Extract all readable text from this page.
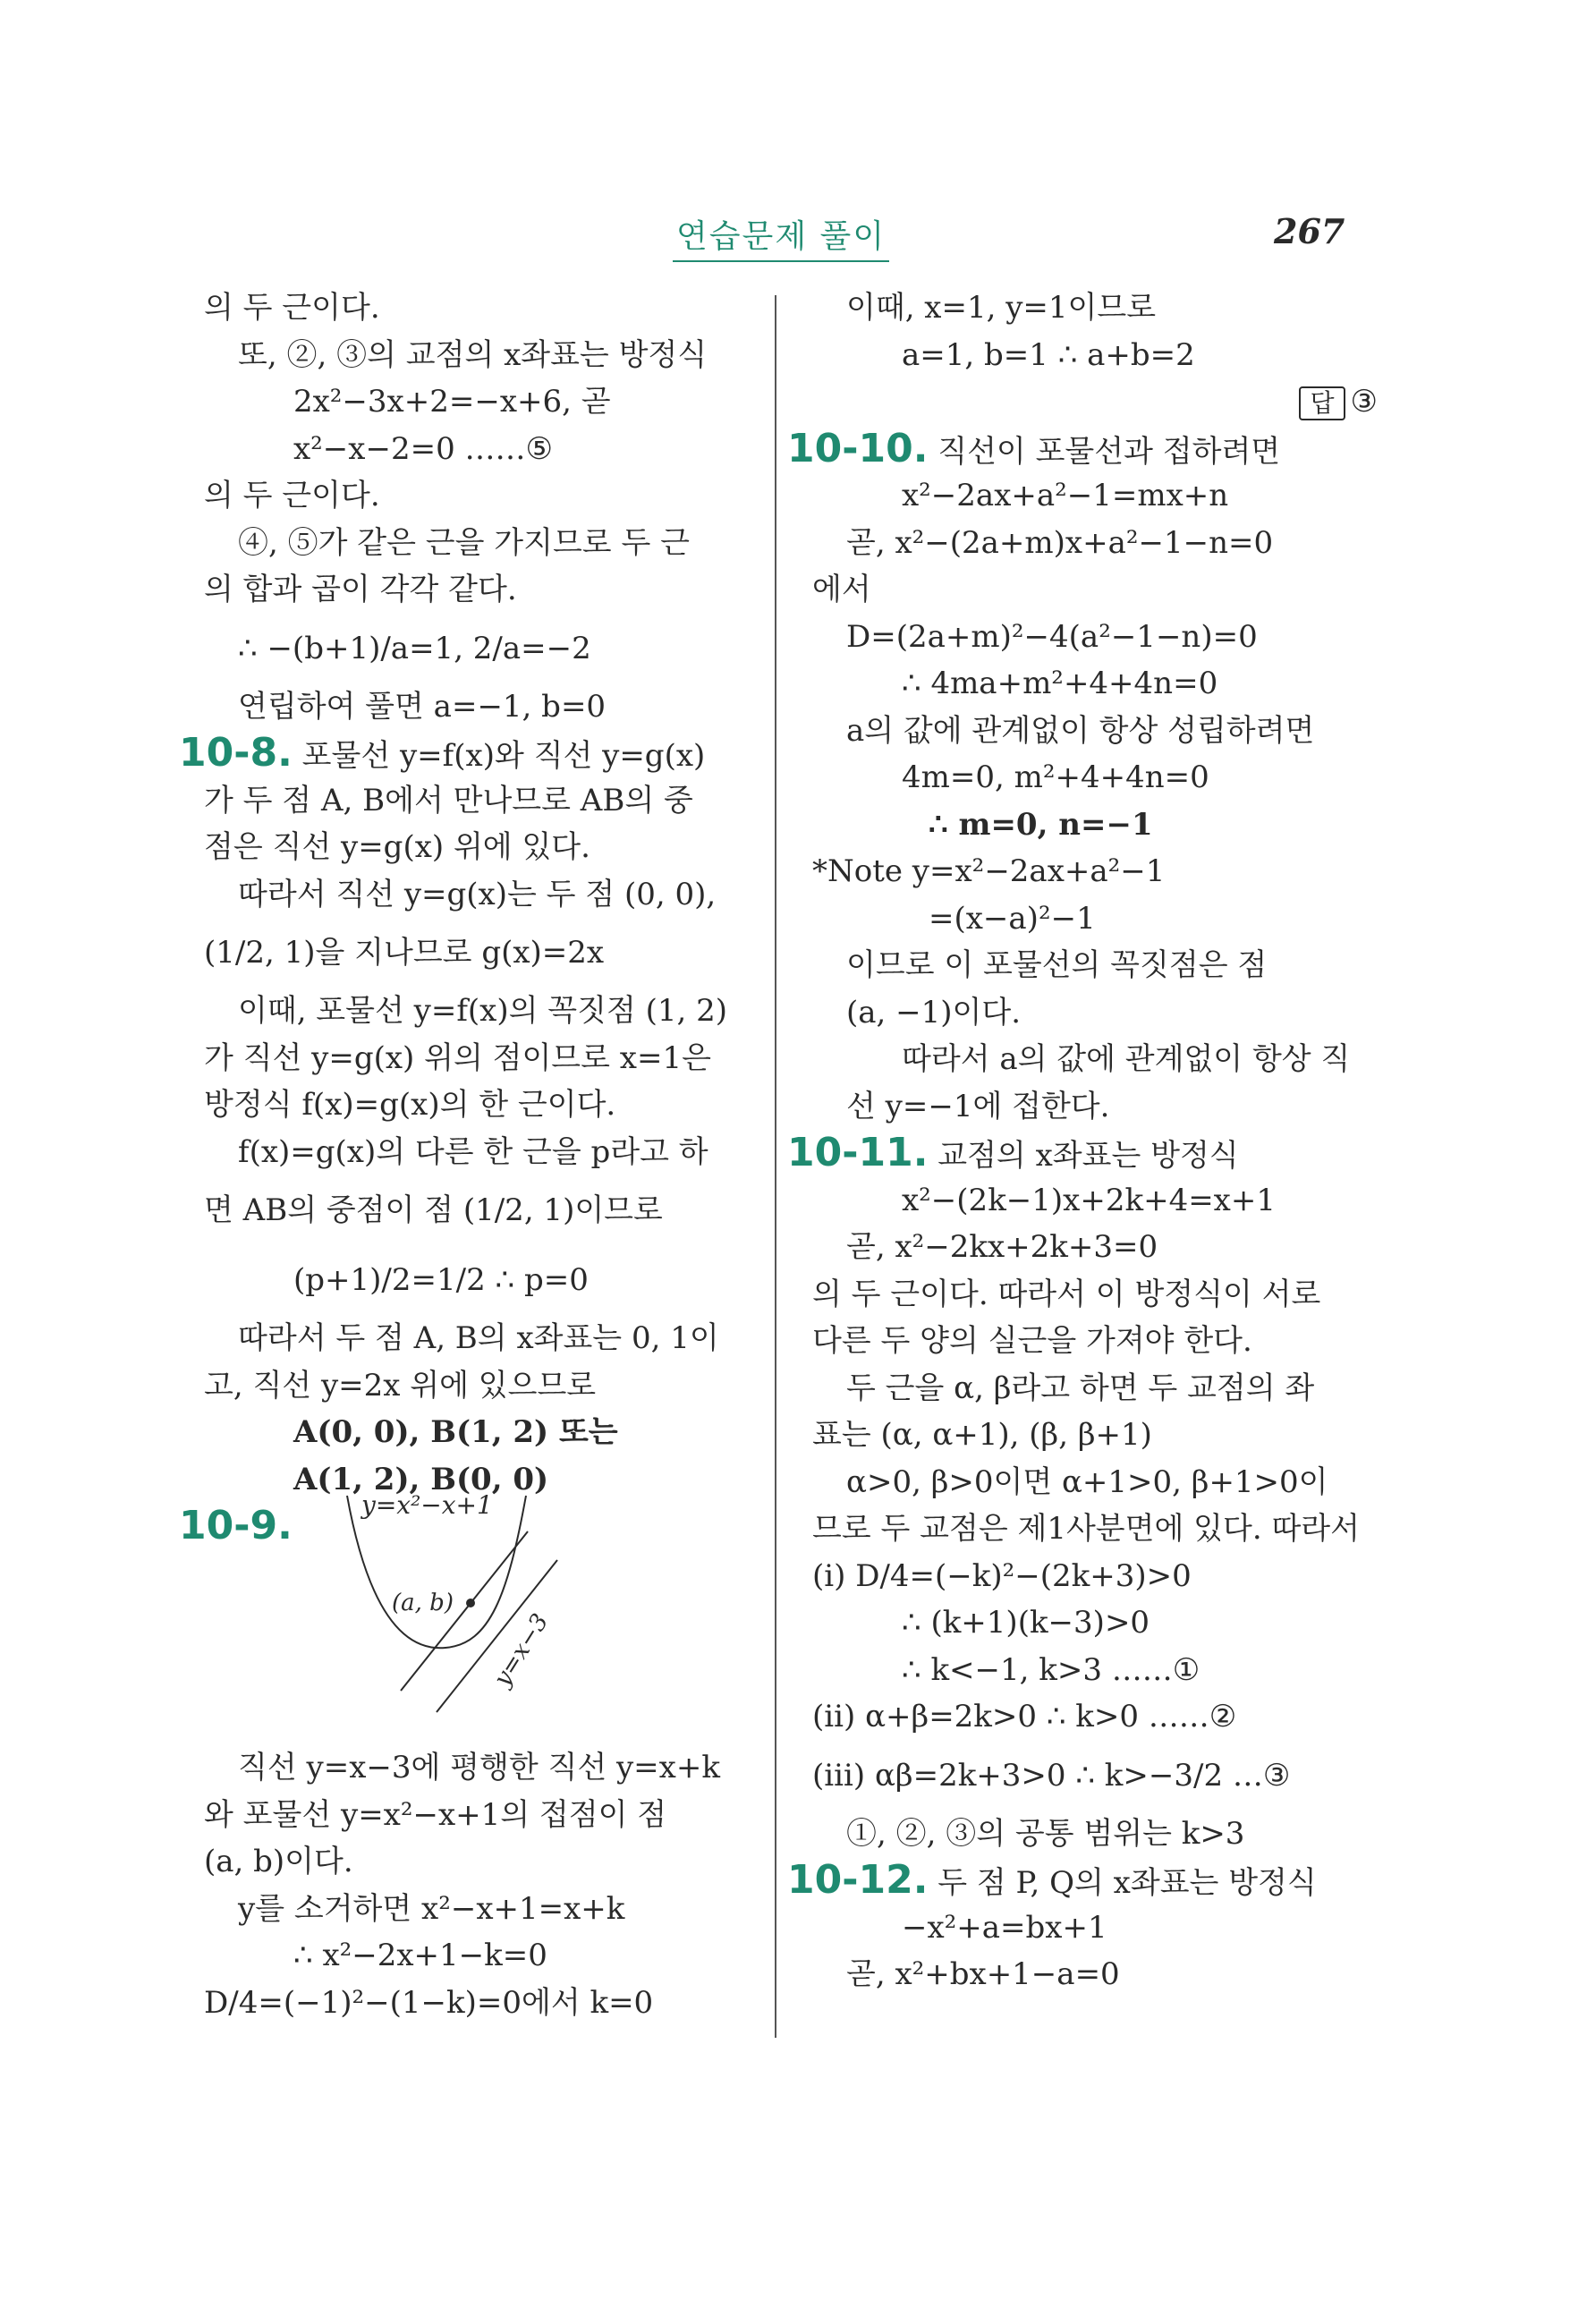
연습문제 풀이	267
의 두 근이다.
또, ②, ③의 교점의 x좌표는 방정식
2x²−3x+2=−x+6, 곧
x²−x−2=0 ……⑤
의 두 근이다.
④, ⑤가 같은 근을 가지므로 두 근
의 합과 곱이 각각 같다.
∴ −(b+1)/a=1, 2/a=−2
연립하여 풀면 a=−1, b=0
10-8. 포물선 y=f(x)와 직선 y=g(x)
가 두 점 A, B에서 만나므로 AB의 중
점은 직선 y=g(x) 위에 있다.
따라서 직선 y=g(x)는 두 점 (0, 0),
(1/2, 1)을 지나므로 g(x)=2x
이때, 포물선 y=f(x)의 꼭짓점 (1, 2)
가 직선 y=g(x) 위의 점이므로 x=1은
방정식 f(x)=g(x)의 한 근이다.
f(x)=g(x)의 다른 한 근을 p라고 하
면 AB의 중점이 점 (1/2, 1)이므로
(p+1)/2=1/2 ∴ p=0
따라서 두 점 A, B의 x좌표는 0, 1이
고, 직선 y=2x 위에 있으므로
A(0, 0), B(1, 2) 또는
A(1, 2), B(0, 0)
10-9.	y=x²−x+1
(a, b)
y=x−3
직선 y=x−3에 평행한 직선 y=x+k
와 포물선 y=x²−x+1의 접점이 점
(a, b)이다.
y를 소거하면 x²−x+1=x+k
∴ x²−2x+1−k=0
D/4=(−1)²−(1−k)=0에서 k=0
이때, x=1, y=1이므로
a=1, b=1 ∴ a+b=2
답 ③
10-10. 직선이 포물선과 접하려면
x²−2ax+a²−1=mx+n
곧, x²−(2a+m)x+a²−1−n=0
에서
D=(2a+m)²−4(a²−1−n)=0
∴ 4ma+m²+4+4n=0
a의 값에 관계없이 항상 성립하려면
4m=0, m²+4+4n=0
∴ m=0, n=−1
*Note y=x²−2ax+a²−1
=(x−a)²−1
이므로 이 포물선의 꼭짓점은 점
(a, −1)이다.
따라서 a의 값에 관계없이 항상 직
선 y=−1에 접한다.
10-11. 교점의 x좌표는 방정식
x²−(2k−1)x+2k+4=x+1
곧, x²−2kx+2k+3=0
의 두 근이다. 따라서 이 방정식이 서로
다른 두 양의 실근을 가져야 한다.
두 근을 α, β라고 하면 두 교점의 좌
표는 (α, α+1), (β, β+1)
α>0, β>0이면 α+1>0, β+1>0이
므로 두 교점은 제1사분면에 있다. 따라서
(i) D/4=(−k)²−(2k+3)>0
∴ (k+1)(k−3)>0
∴ k<−1, k>3 ……①
(ii) α+β=2k>0 ∴ k>0 ……②
(iii) αβ=2k+3>0 ∴ k>−3/2 …③
①, ②, ③의 공통 범위는 k>3
10-12. 두 점 P, Q의 x좌표는 방정식
−x²+a=bx+1
곧, x²+bx+1−a=0
